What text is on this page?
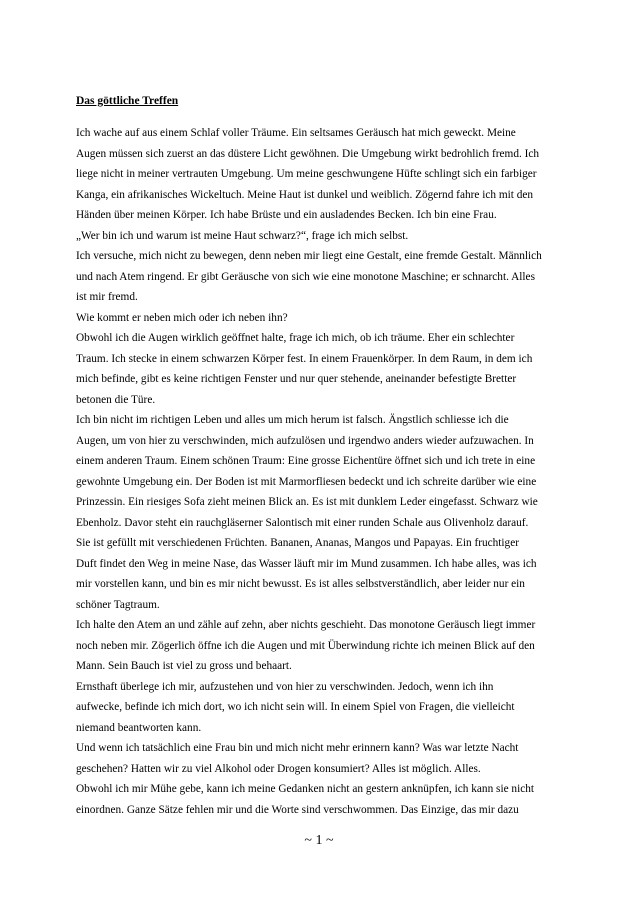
Das göttliche Treffen
Ich wache auf aus einem Schlaf voller Träume. Ein seltsames Geräusch hat mich geweckt. Meine
Augen müssen sich zuerst an das düstere Licht gewöhnen. Die Umgebung wirkt bedrohlich fremd. Ich
liege nicht in meiner vertrauten Umgebung. Um meine geschwungene Hüfte schlingt sich ein farbiger
Kanga, ein afrikanisches Wickeltuch. Meine Haut ist dunkel und weiblich. Zögernd fahre ich mit den
Händen über meinen Körper. Ich habe Brüste und ein ausladendes Becken. Ich bin eine Frau.
„Wer bin ich und warum ist meine Haut schwarz?“, frage ich mich selbst.
Ich versuche, mich nicht zu bewegen, denn neben mir liegt eine Gestalt, eine fremde Gestalt. Männlich
und nach Atem ringend. Er gibt Geräusche von sich wie eine monotone Maschine; er schnarcht. Alles
ist mir fremd.
Wie kommt er neben mich oder ich neben ihn?
Obwohl ich die Augen wirklich geöffnet halte, frage ich mich, ob ich träume. Eher ein schlechter
Traum. Ich stecke in einem schwarzen Körper fest. In einem Frauenkörper. In dem Raum, in dem ich
mich befinde, gibt es keine richtigen Fenster und nur quer stehende, aneinander befestigte Bretter
betonen die Türe.
Ich bin nicht im richtigen Leben und alles um mich herum ist falsch. Ängstlich schliesse ich die
Augen, um von hier zu verschwinden, mich aufzulösen und irgendwo anders wieder aufzuwachen. In
einem anderen Traum. Einem schönen Traum: Eine grosse Eichentüre öffnet sich und ich trete in eine
gewohnte Umgebung ein. Der Boden ist mit Marmorfliesen bedeckt und ich schreite darüber wie eine
Prinzessin. Ein riesiges Sofa zieht meinen Blick an. Es ist mit dunklem Leder eingefasst. Schwarz wie
Ebenholz. Davor steht ein rauchgläserner Salontisch mit einer runden Schale aus Olivenholz darauf.
Sie ist gefüllt mit verschiedenen Früchten. Bananen, Ananas, Mangos und Papayas. Ein fruchtiger
Duft findet den Weg in meine Nase, das Wasser läuft mir im Mund zusammen. Ich habe alles, was ich
mir vorstellen kann, und bin es mir nicht bewusst. Es ist alles selbstverständlich, aber leider nur ein
schöner Tagtraum.
Ich halte den Atem an und zähle auf zehn, aber nichts geschieht. Das monotone Geräusch liegt immer
noch neben mir. Zögerlich öffne ich die Augen und mit Überwindung richte ich meinen Blick auf den
Mann. Sein Bauch ist viel zu gross und behaart.
Ernsthaft überlege ich mir, aufzustehen und von hier zu verschwinden. Jedoch, wenn ich ihn
aufwecke, befinde ich mich dort, wo ich nicht sein will. In einem Spiel von Fragen, die vielleicht
niemand beantworten kann.
Und wenn ich tatsächlich eine Frau bin und mich nicht mehr erinnern kann? Was war letzte Nacht
geschehen? Hatten wir zu viel Alkohol oder Drogen konsumiert? Alles ist möglich. Alles.
Obwohl ich mir Mühe gebe, kann ich meine Gedanken nicht an gestern anknüpfen, ich kann sie nicht
einordnen. Ganze Sätze fehlen mir und die Worte sind verschwommen. Das Einzige, das mir dazu
~ 1 ~
